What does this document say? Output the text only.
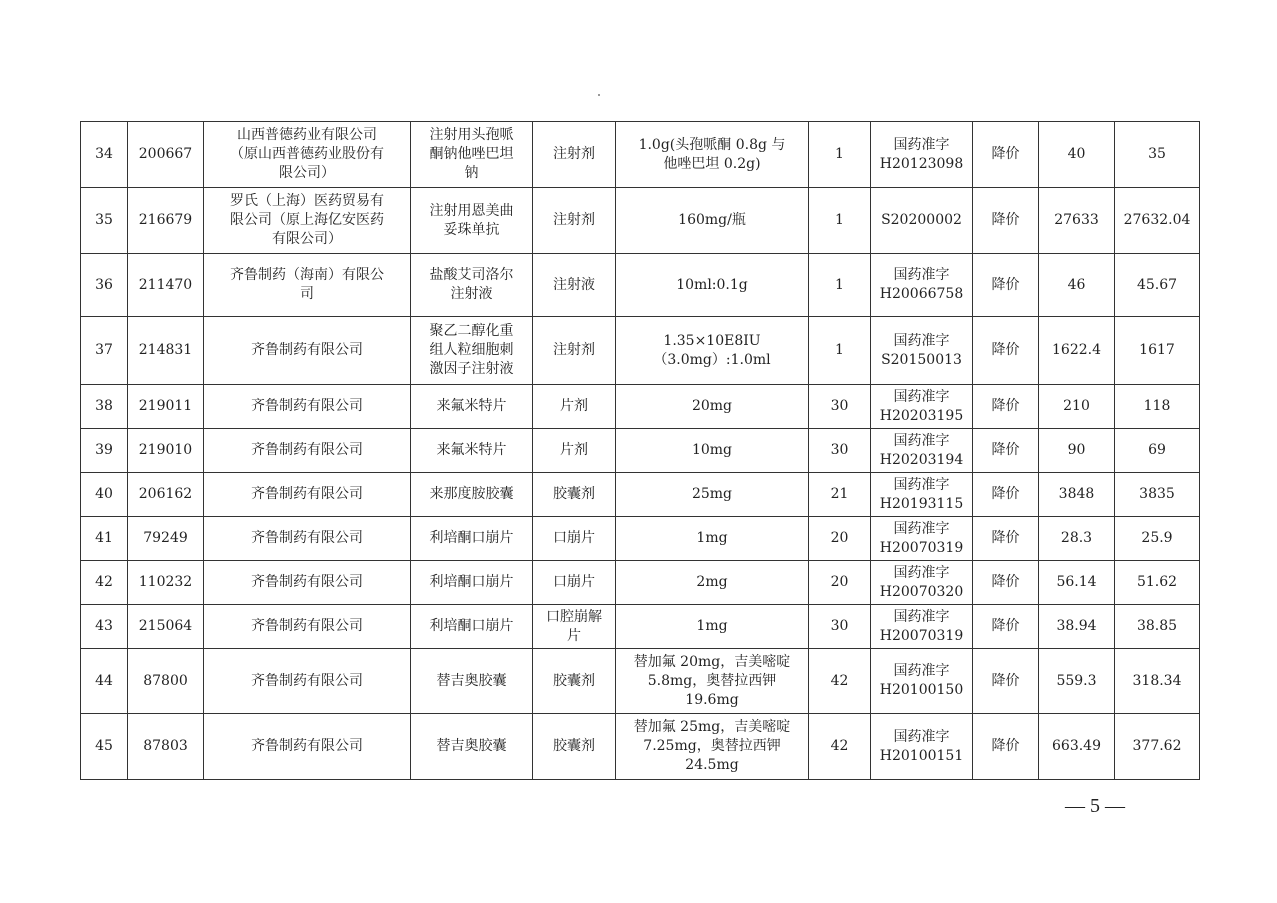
34	200667	山西普德药业有限公司
（原山西普德药业股份有
限公司）	注射用头孢哌
酮钠他唑巴坦
钠	注射剂	1.0g(头孢哌酮 0.8g 与
他唑巴坦 0.2g)	1	国药准字
H20123098	降价	40	35
35	216679	罗氏（上海）医药贸易有
限公司（原上海亿安医药
有限公司）	注射用恩美曲
妥珠单抗	注射剂	160mg/瓶	1	S20200002	降价	27633	27632.04
36	211470	齐鲁制药（海南）有限公
司	盐酸艾司洛尔
注射液	注射液	10ml:0.1g	1	国药准字
H20066758	降价	46	45.67
37	214831	齐鲁制药有限公司	聚乙二醇化重
组人粒细胞刺
激因子注射液	注射剂	1.35×10E8IU
（3.0mg）:1.0ml	1	国药准字
S20150013	降价	1622.4	1617
38	219011	齐鲁制药有限公司	来氟米特片	片剂	20mg	30	国药准字
H20203195	降价	210	118
39	219010	齐鲁制药有限公司	来氟米特片	片剂	10mg	30	国药准字
H20203194	降价	90	69
40	206162	齐鲁制药有限公司	来那度胺胶囊	胶囊剂	25mg	21	国药准字
H20193115	降价	3848	3835
41	79249	齐鲁制药有限公司	利培酮口崩片	口崩片	1mg	20	国药准字
H20070319	降价	28.3	25.9
42	110232	齐鲁制药有限公司	利培酮口崩片	口崩片	2mg	20	国药准字
H20070320	降价	56.14	51.62
43	215064	齐鲁制药有限公司	利培酮口崩片	口腔崩解
片	1mg	30	国药准字
H20070319	降价	38.94	38.85
44	87800	齐鲁制药有限公司	替吉奥胶囊	胶囊剂	替加氟 20mg，吉美嘧啶
5.8mg，奥替拉西钾
19.6mg	42	国药准字
H20100150	降价	559.3	318.34
45	87803	齐鲁制药有限公司	替吉奥胶囊	胶囊剂	替加氟 25mg，吉美嘧啶
7.25mg，奥替拉西钾
24.5mg	42	国药准字
H20100151	降价	663.49	377.62
— 5 —
